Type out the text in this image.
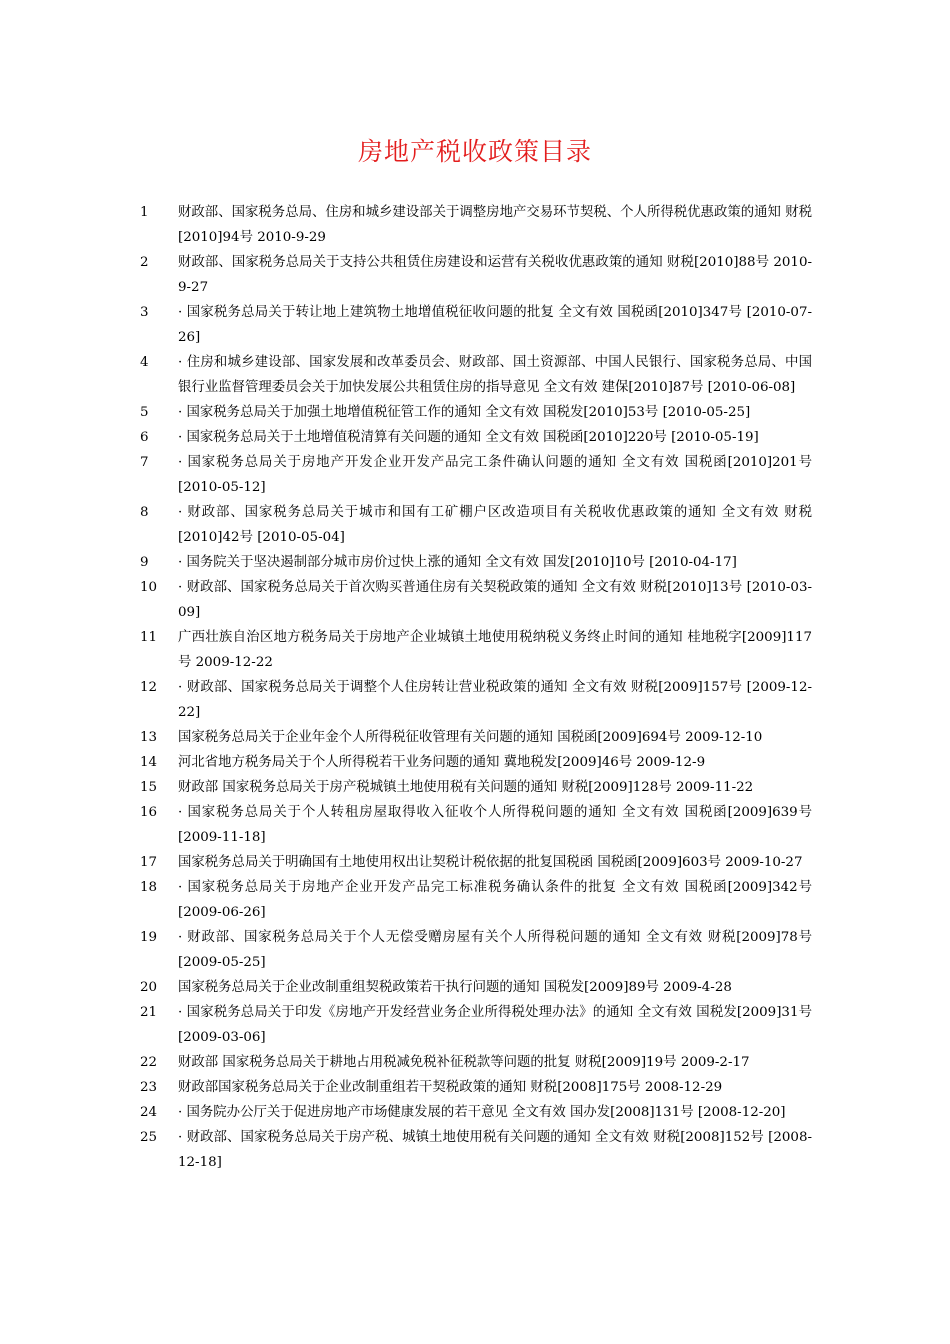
房地产税收政策目录
1	财政部、国家税务总局、住房和城乡建设部关于调整房地产交易环节契税、个人所得税优惠政策的通知 财税[2010]94号 2010-9-29
2	财政部、国家税务总局关于支持公共租赁住房建设和运营有关税收优惠政策的通知 财税[2010]88号 2010-9-27
3	· 国家税务总局关于转让地上建筑物土地增值税征收问题的批复 全文有效 国税函[2010]347号 [2010-07-26]
4	· 住房和城乡建设部、国家发展和改革委员会、财政部、国土资源部、中国人民银行、国家税务总局、中国银行业监督管理委员会关于加快发展公共租赁住房的指导意见 全文有效 建保[2010]87号 [2010-06-08]
5	· 国家税务总局关于加强土地增值税征管工作的通知 全文有效 国税发[2010]53号 [2010-05-25]
6	· 国家税务总局关于土地增值税清算有关问题的通知 全文有效 国税函[2010]220号 [2010-05-19]
7	· 国家税务总局关于房地产开发企业开发产品完工条件确认问题的通知 全文有效 国税函[2010]201号 [2010-05-12]
8	· 财政部、国家税务总局关于城市和国有工矿棚户区改造项目有关税收优惠政策的通知 全文有效 财税[2010]42号 [2010-05-04]
9	· 国务院关于坚决遏制部分城市房价过快上涨的通知 全文有效 国发[2010]10号 [2010-04-17]
10	· 财政部、国家税务总局关于首次购买普通住房有关契税政策的通知 全文有效 财税[2010]13号 [2010-03-09]
11	广西壮族自治区地方税务局关于房地产企业城镇土地使用税纳税义务终止时间的通知 桂地税字[2009]117号 2009-12-22
12	· 财政部、国家税务总局关于调整个人住房转让营业税政策的通知 全文有效 财税[2009]157号 [2009-12-22]
13	国家税务总局关于企业年金个人所得税征收管理有关问题的通知 国税函[2009]694号 2009-12-10
14	河北省地方税务局关于个人所得税若干业务问题的通知 冀地税发[2009]46号 2009-12-9
15	财政部 国家税务总局关于房产税城镇土地使用税有关问题的通知 财税[2009]128号 2009-11-22
16	· 国家税务总局关于个人转租房屋取得收入征收个人所得税问题的通知 全文有效 国税函[2009]639号 [2009-11-18]
17	国家税务总局关于明确国有土地使用权出让契税计税依据的批复国税函 国税函[2009]603号 2009-10-27
18	· 国家税务总局关于房地产企业开发产品完工标准税务确认条件的批复 全文有效 国税函[2009]342号 [2009-06-26]
19	· 财政部、国家税务总局关于个人无偿受赠房屋有关个人所得税问题的通知 全文有效 财税[2009]78号 [2009-05-25]
20	国家税务总局关于企业改制重组契税政策若干执行问题的通知 国税发[2009]89号 2009-4-28
21	· 国家税务总局关于印发《房地产开发经营业务企业所得税处理办法》的通知 全文有效 国税发[2009]31号 [2009-03-06]
22	财政部 国家税务总局关于耕地占用税减免税补征税款等问题的批复 财税[2009]19号 2009-2-17
23	财政部国家税务总局关于企业改制重组若干契税政策的通知 财税[2008]175号 2008-12-29
24	· 国务院办公厅关于促进房地产市场健康发展的若干意见 全文有效 国办发[2008]131号 [2008-12-20]
25	· 财政部、国家税务总局关于房产税、城镇土地使用税有关问题的通知 全文有效 财税[2008]152号 [2008-12-18]
